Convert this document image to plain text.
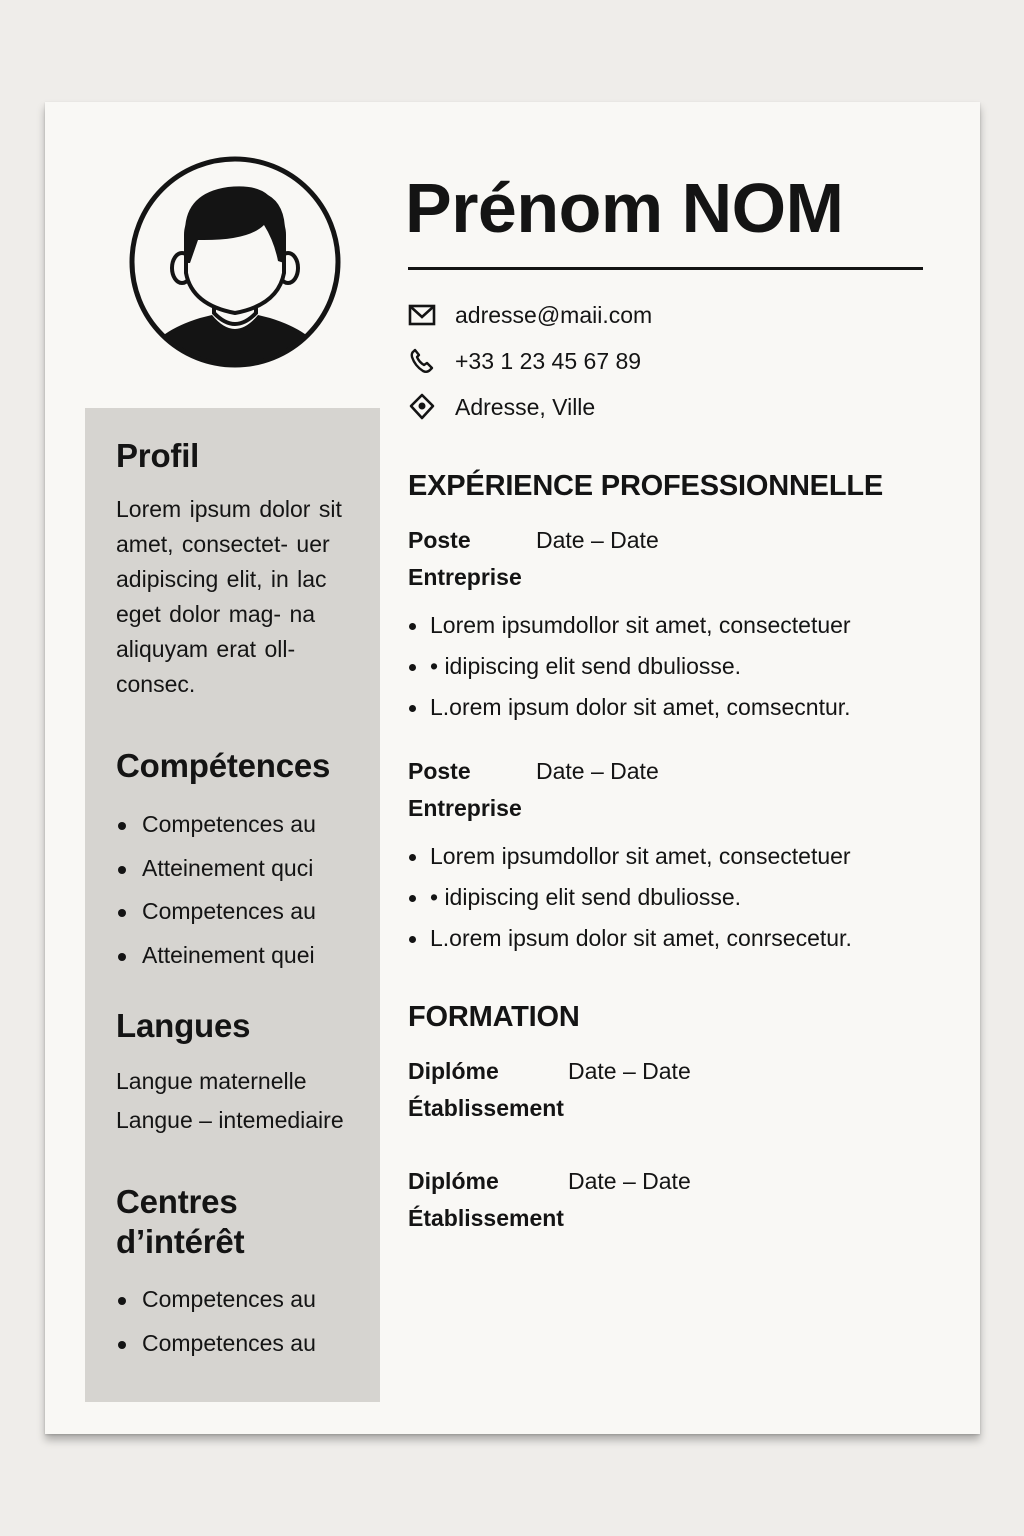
Prénom NOM
adresse@maii.com
+33 1 23 45 67 89
Adresse, Ville
Profil
Lorem ipsum dolor sit amet, consectet- uer adipiscing elit, in lac eget dolor mag- na aliquyam erat oll- consec.
Compétences
Competences au
Atteinement quci
Competences au
Atteinement quei
Langues
Langue maternelle
Langue – intemediaire
Centres
d’intérêt
Competences au
Competences au
EXPÉRIENCE PROFESSIONNELLE
Poste	Date – Date
Entreprise
Lorem ipsumdollor sit amet, consectetuer
• idipiscing elit send dbuliosse.
L.orem ipsum dolor sit amet, comsecntur.
Poste	Date – Date
Entreprise
Lorem ipsumdollor sit amet, consectetuer
• idipiscing elit send dbuliosse.
L.orem ipsum dolor sit amet, conrsecetur.
FORMATION
Diplóme	Date – Date
Établissement
Diplóme	Date – Date
Établissement
